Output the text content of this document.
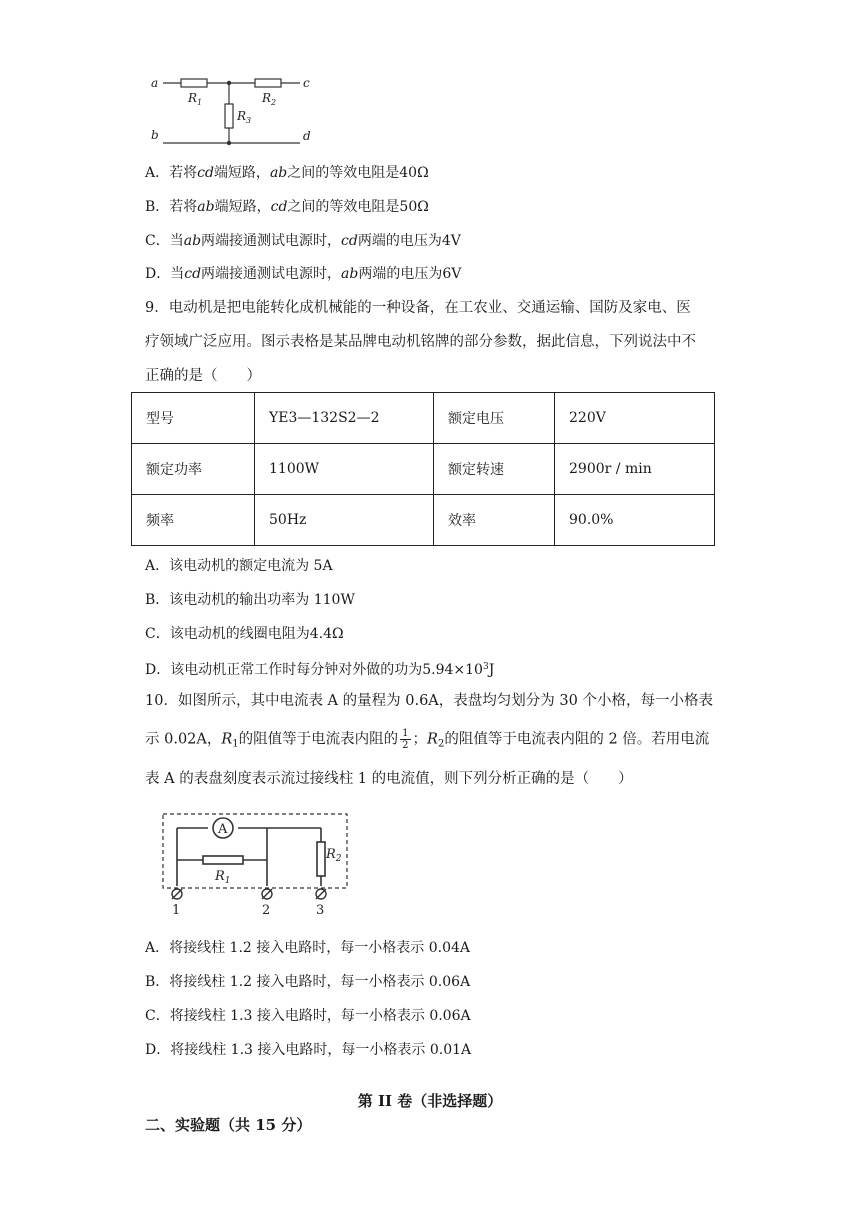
a
b
c
d
$R_1$	$R_2$
$R_3$
A．若将cd端短路，ab之间的等效电阻是40Ω
B．若将ab端短路，cd之间的等效电阻是50Ω
C．当ab两端接通测试电源时，cd两端的电压为4V
D．当cd两端接通测试电源时，ab两端的电压为6V
9．电动机是把电能转化成机械能的一种设备，在工农业、交通运输、国防及家电、医
疗领域广泛应用。图示表格是某品牌电动机铭牌的部分参数，据此信息，下列说法中不
正确的是（　　）
型号	YE3—132S2—2	额定电压	220V
额定功率	1100W	额定转速	2900r / min
频率	50Hz	效率	90.0%
A．该电动机的额定电流为 5A
B．该电动机的输出功率为 110W
C．该电动机的线圈电阻为4.4Ω
D．该电动机正常工作时每分钟对外做的功为$5.94\times 10^3J$
10．如图所示，其中电流表 A 的量程为 0.6A，表盘均匀划分为 30 个小格，每一小格表
示 0.02A，$R_1$的阻值等于电流表内阻的 $\frac{1}{2}$ ；$R_2$的阻值等于电流表内阻的 2 倍。若用电流
表 A 的表盘刻度表示流过接线柱 1 的电流值，则下列分析正确的是（　　）
A
$R_1$
$R_2$
1	2	3
A．将接线柱 1.2 接入电路时，每一小格表示 0.04A
B．将接线柱 1.2 接入电路时，每一小格表示 0.06A
C．将接线柱 1.3 接入电路时，每一小格表示 0.06A
D．将接线柱 1.3 接入电路时，每一小格表示 0.01A
第 II 卷（非选择题）
二、实验题（共 15 分）
